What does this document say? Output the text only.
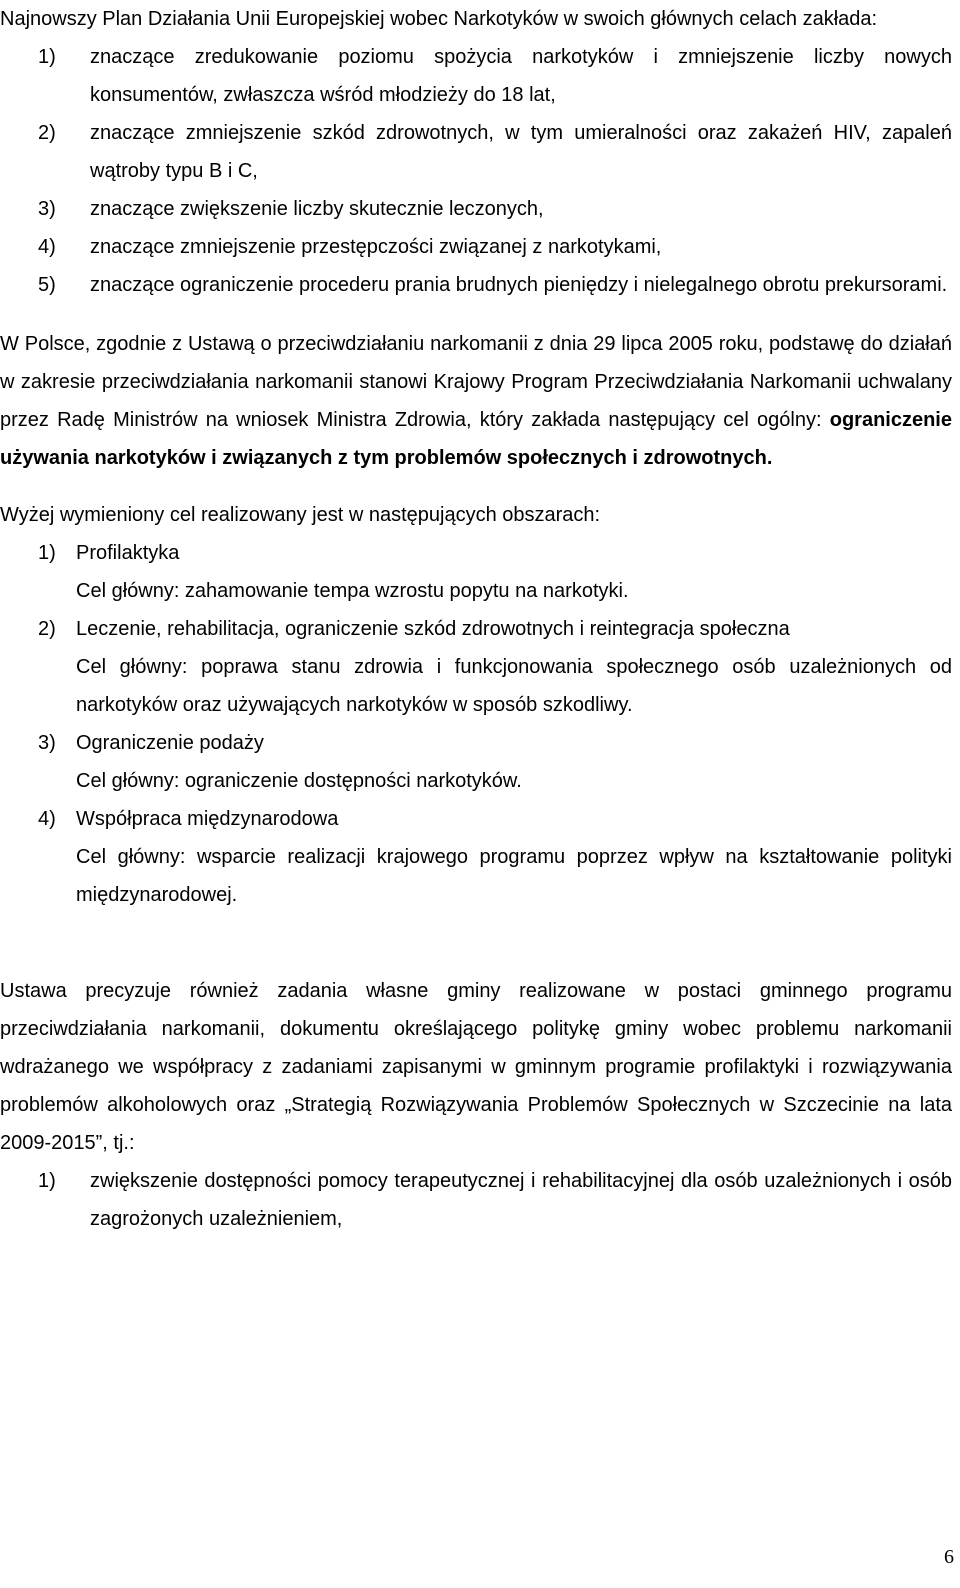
Najnowszy Plan Działania Unii Europejskiej wobec Narkotyków w swoich głównych celach zakłada:

1)	znaczące zredukowanie poziomu spożycia narkotyków i zmniejszenie liczby nowych konsumentów, zwłaszcza wśród młodzieży do 18 lat,
2)	znaczące zmniejszenie szkód zdrowotnych, w tym umieralności oraz zakażeń HIV, zapaleń wątroby typu B i C,
3)	znaczące zwiększenie liczby skutecznie leczonych,
4)	znaczące zmniejszenie przestępczości związanej z narkotykami,
5)	znaczące ograniczenie procederu prania brudnych pieniędzy i nielegalnego obrotu prekursorami.

W Polsce, zgodnie z Ustawą o przeciwdziałaniu narkomanii z dnia 29 lipca 2005 roku, podstawę do działań w zakresie przeciwdziałania narkomanii stanowi Krajowy Program Przeciwdziałania Narkomanii uchwalany przez Radę Ministrów na wniosek Ministra Zdrowia, który zakłada następujący cel ogólny: ograniczenie używania narkotyków i związanych z tym problemów społecznych i zdrowotnych.

Wyżej wymieniony cel realizowany jest w następujących obszarach:

1)	Profilaktyka

Cel główny: zahamowanie tempa wzrostu popytu na narkotyki.

2)	Leczenie, rehabilitacja, ograniczenie szkód zdrowotnych i reintegracja społeczna

Cel główny: poprawa stanu zdrowia i funkcjonowania społecznego osób uzależnionych od narkotyków oraz używających narkotyków w sposób szkodliwy.

3)	Ograniczenie podaży

Cel główny: ograniczenie dostępności narkotyków.

4)	Współpraca międzynarodowa

Cel główny: wsparcie realizacji krajowego programu poprzez wpływ na kształtowanie polityki międzynarodowej.

Ustawa precyzuje również zadania własne gminy realizowane w postaci gminnego programu przeciwdziałania narkomanii, dokumentu określającego politykę gminy wobec problemu narkomanii wdrażanego we współpracy z zadaniami zapisanymi w gminnym programie profilaktyki i rozwiązywania problemów alkoholowych oraz „Strategią Rozwiązywania Problemów Społecznych w Szczecinie na lata 2009-2015”, tj.:

1)	zwiększenie dostępności pomocy terapeutycznej i rehabilitacyjnej dla osób uzależnionych i osób zagrożonych uzależnieniem,
6
